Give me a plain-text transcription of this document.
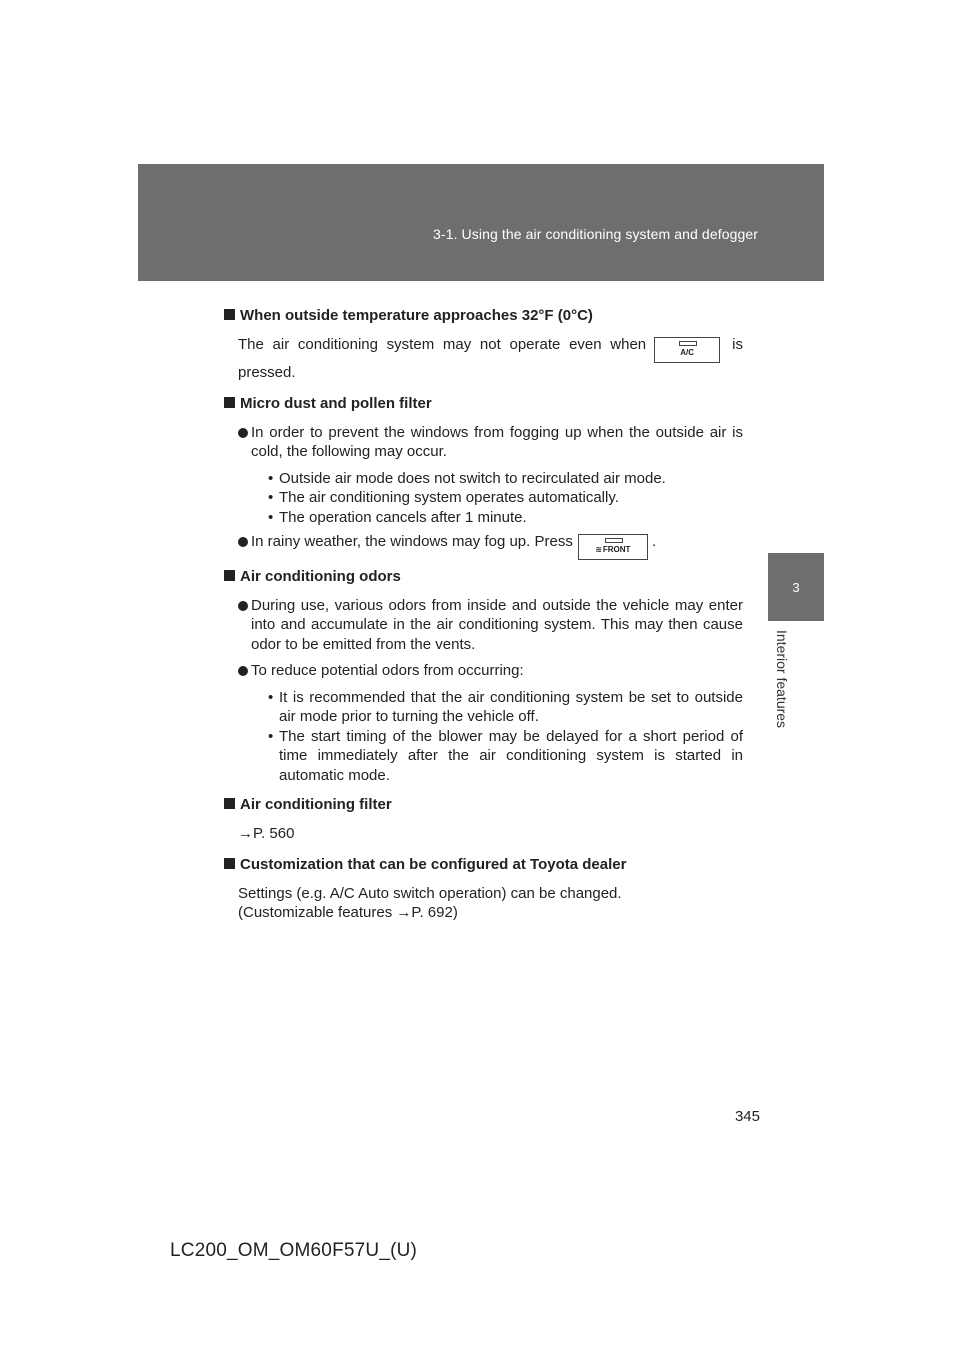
3-1. Using the air conditioning system and defogger
3
Interior features
When outside temperature approaches 32°F (0°C)
The air conditioning system may not operate even when	A/C	is pressed.
Micro dust and pollen filter
In order to prevent the windows from fogging up when the outside air is cold, the following may occur.
• Outside air mode does not switch to recirculated air mode.
• The air conditioning system operates automatically.
• The operation cancels after 1 minute.
In rainy weather, the windows may fog up. Press	≋FRONT .
Air conditioning odors
During use, various odors from inside and outside the vehicle may enter into and accumulate in the air conditioning system. This may then cause odor to be emitted from the vents.
To reduce potential odors from occurring:
• It is recommended that the air conditioning system be set to outside air mode prior to turning the vehicle off.
• The start timing of the blower may be delayed for a short period of time immediately after the air conditioning system is started in automatic mode.
Air conditioning filter
→P. 560
Customization that can be configured at Toyota dealer
Settings (e.g. A/C Auto switch operation) can be changed.
(Customizable features →P. 692)
345
LC200_OM_OM60F57U_(U)
